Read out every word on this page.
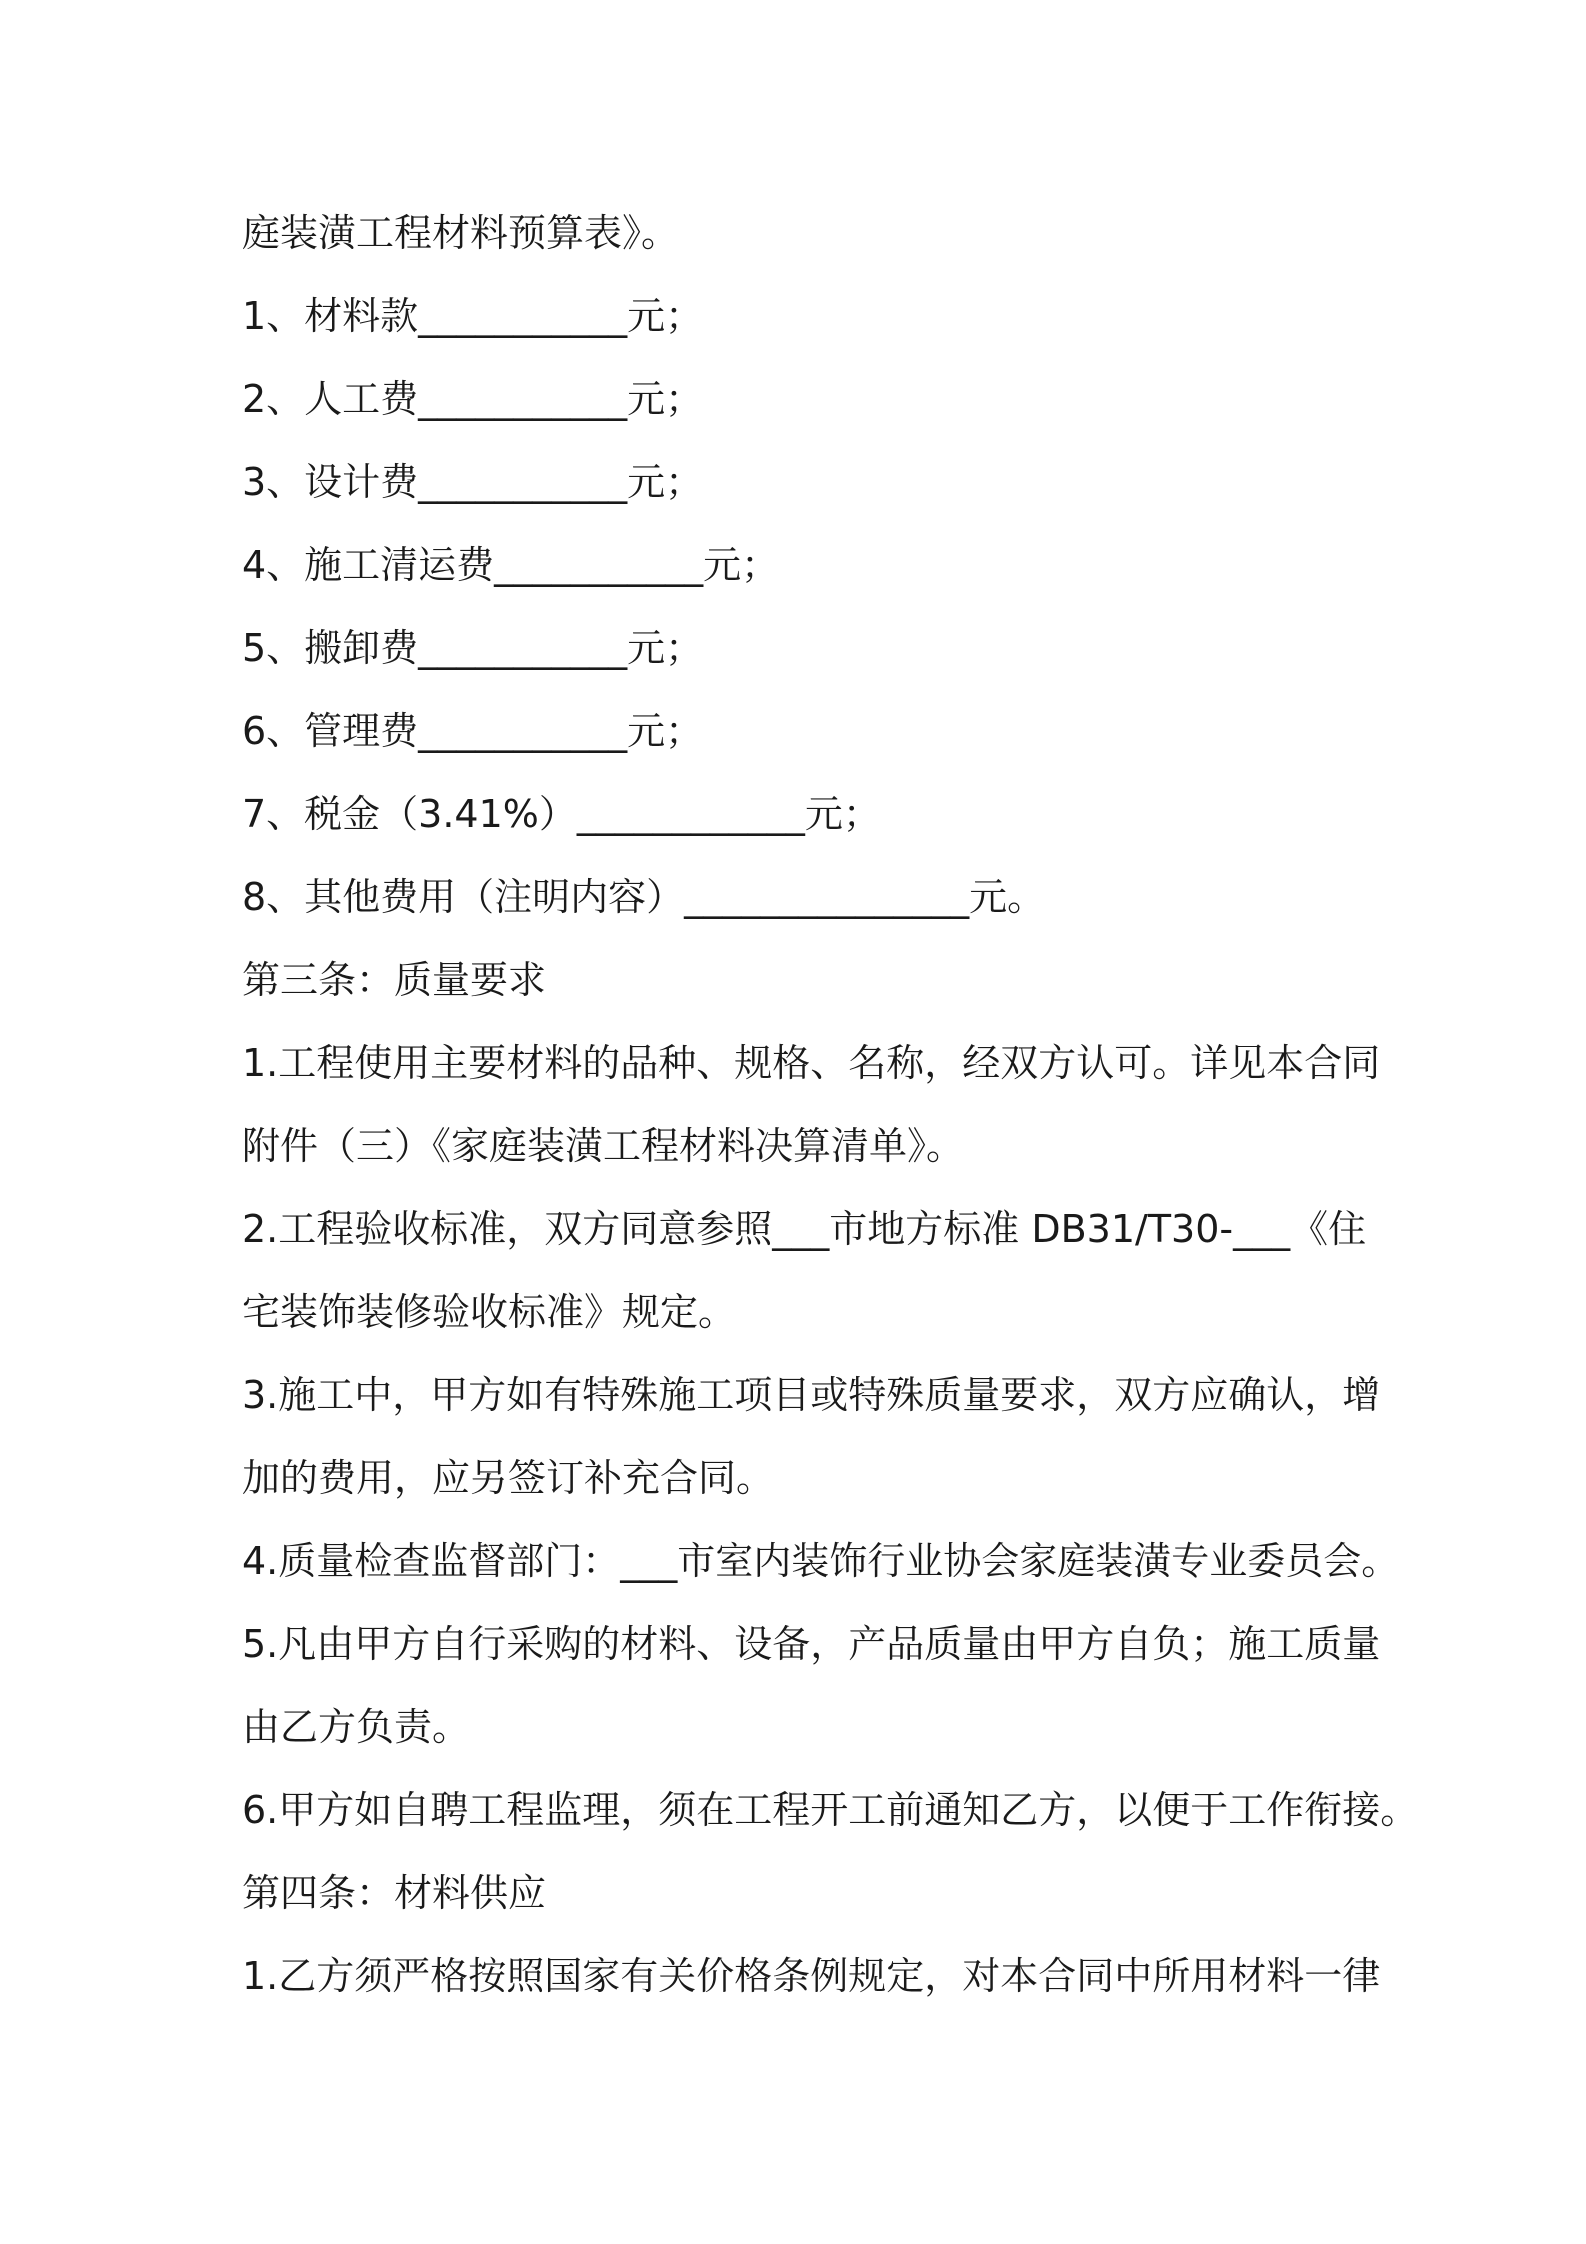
庭装潢工程材料预算表》。
1、材料款___________元；
2、人工费___________元；
3、设计费___________元；
4、施工清运费___________元；
5、搬卸费___________元；
6、管理费___________元；
7、税金（3.41%）____________元；
8、其他费用（注明内容）_______________元。
第三条：质量要求
1.工程使用主要材料的品种、规格、名称，经双方认可。详见本合同
附件（三）《家庭装潢工程材料决算清单》。
2.工程验收标准，双方同意参照___市地方标准 DB31/T30-___《住
宅装饰装修验收标准》规定。
3.施工中，甲方如有特殊施工项目或特殊质量要求，双方应确认，增
加的费用，应另签订补充合同。
4.质量检查监督部门：___市室内装饰行业协会家庭装潢专业委员会。
5.凡由甲方自行采购的材料、设备，产品质量由甲方自负；施工质量
由乙方负责。
6.甲方如自聘工程监理，须在工程开工前通知乙方，以便于工作衔接。
第四条：材料供应
1.乙方须严格按照国家有关价格条例规定，对本合同中所用材料一律
